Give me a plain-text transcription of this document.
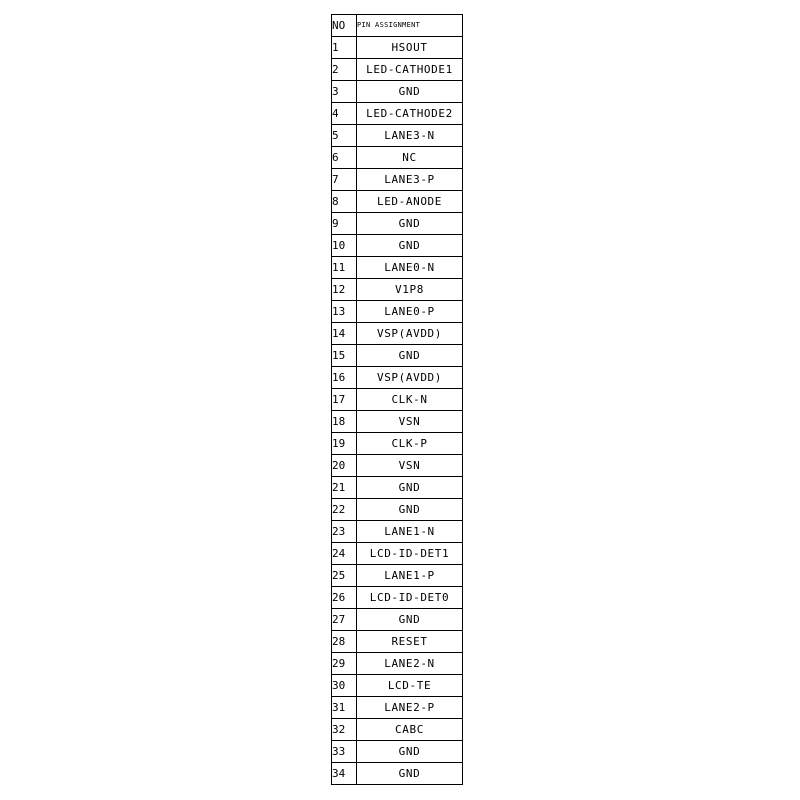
NO	PIN ASSIGNMENT
1	HSOUT
2	LED-CATHODE1
3	GND
4	LED-CATHODE2
5	LANE3-N
6	NC
7	LANE3-P
8	LED-ANODE
9	GND
10	GND
11	LANE0-N
12	V1P8
13	LANE0-P
14	VSP(AVDD)
15	GND
16	VSP(AVDD)
17	CLK-N
18	VSN
19	CLK-P
20	VSN
21	GND
22	GND
23	LANE1-N
24	LCD-ID-DET1
25	LANE1-P
26	LCD-ID-DET0
27	GND
28	RESET
29	LANE2-N
30	LCD-TE
31	LANE2-P
32	CABC
33	GND
34	GND
